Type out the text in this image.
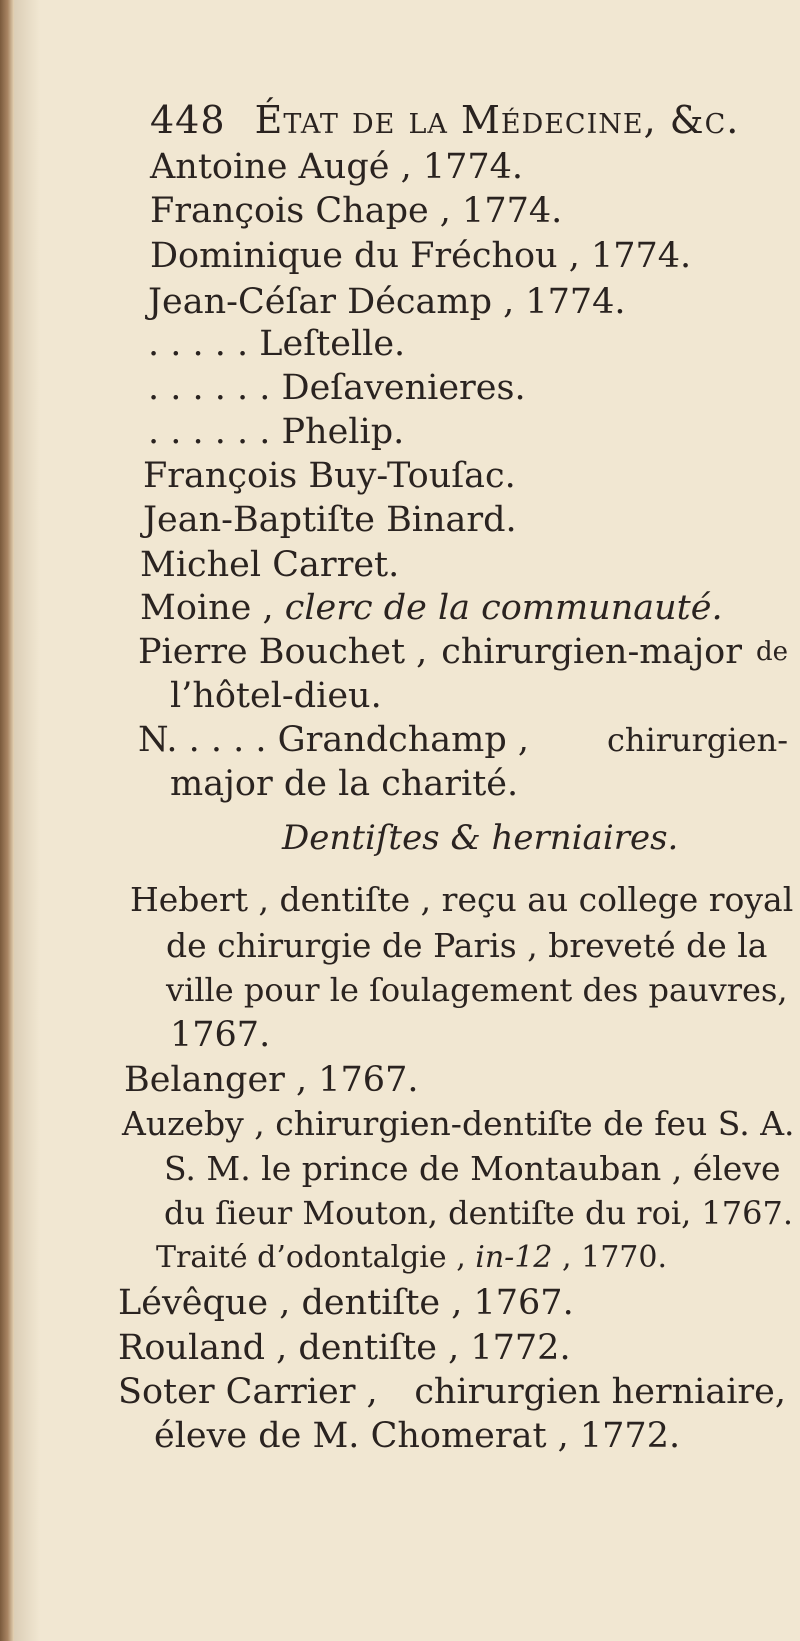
448 État de la Médecine, &c.
Antoine Augé , 1774.
François Chape , 1774.
Dominique du Fréchou , 1774.
Jean-Céſar Décamp , 1774.
. . . . . Leſtelle.
. . . . . . Deſavenieres.
. . . . . . Phelip.
François Buy-Touſac.
Jean-Baptiſte Binard.
Michel Carret.
Moine , clerc de la communauté.
Pierre Bouchet , chirurgien-major de
l’hôtel-dieu.
N. . . . . Grandchamp , chirurgien-
major de la charité.
Dentiſtes & herniaires.
Hebert , dentiſte , reçu au college royal
de chirurgie de Paris , breveté de la
ville pour le ſoulagement des pauvres,
1767.
Belanger , 1767.
Auzeby , chirurgien-dentiſte de feu S. A.
S. M. le prince de Montauban , éleve
du ſieur Mouton, dentiſte du roi, 1767.
Traité d’odontalgie , in-12 , 1770.
Lévêque , dentiſte , 1767.
Rouland , dentiſte , 1772.
Soter Carrier , chirurgien herniaire,
éleve de M. Chomerat , 1772.
